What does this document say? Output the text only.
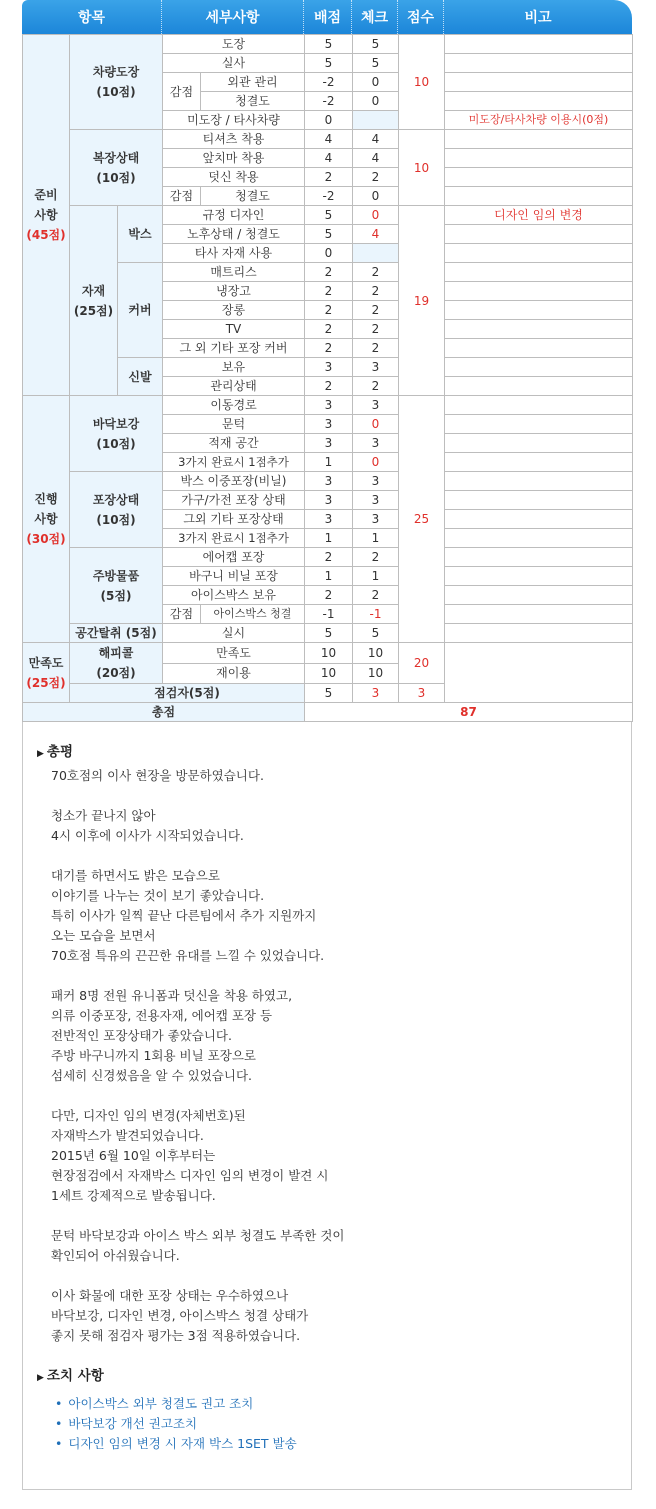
항목	세부사항	배점	체크	점수	비고
준비
사항
(45점)	차량도장
(10점)		도장		5	5	10	
			실사		5	5		
			감점	외관 관리	-2	0		
				청결도	-2	0		
			미도장 / 타사차량		0			미도장/타사차량 이용시(0점)

	복장상태
(10점)		티셔츠 착용		4	4	10	
			앞치마 착용		4	4		
			덧신 착용		2	2		
			감점	청결도	-2	0		

	자재
(25점)	박스	규정 디자인		5	0	19	디자인 임의 변경
			노후상태 / 청결도		5	4		
			타사 자재 사용		0			
		커버	매트리스		2	2		
			냉장고		2	2		
			장롱		2	2		
			TV		2	2		
			그 외 기타 포장 커버		2	2		
		신발	보유		3	3		
			관리상태		2	2		

진행
사항
(30점)	바닥보강
(10점)		이동경로		3	3	25	
			문턱		3	0		
			적재 공간		3	3		
			3가지 완료시 1점추가		1	0		

	포장상태
(10점)		박스 이중포장(비닐)		3	3		
			가구/가전 포장 상태		3	3		
			그외 기타 포장상태		3	3		
			3가지 완료시 1점추가		1	1		

	주방물품
(5점)		에어캡 포장		2	2		
			바구니 비닐 포장		1	1		
			아이스박스 보유		2	2		
			감점	아이스박스 청결	-1	-1		
	공간탈취 (5점)		실시		5	5		

만족도
(25점)	해피콜
(20점)		만족도		10	10	20	
			재이용		10	10		
	점검자(5점)				5	3	3	
총점					87			
▶ 총평
70호점의 이사 현장을 방문하였습니다.
청소가 끝나지 않아
4시 이후에 이사가 시작되었습니다.
대기를 하면서도 밝은 모습으로
이야기를 나누는 것이 보기 좋았습니다.
특히 이사가 일찍 끝난 다른팀에서 추가 지원까지
오는 모습을 보면서
70호점 특유의 끈끈한 유대를 느낄 수 있었습니다.
패커 8명 전원 유니폼과 덧신을 착용 하였고,
의류 이중포장, 전용자재, 에어캡 포장 등
전반적인 포장상태가 좋았습니다.
주방 바구니까지 1회용 비닐 포장으로
섬세히 신경썼음을 알 수 있었습니다.
다만, 디자인 임의 변경(자체번호)된
자재박스가 발견되었습니다.
2015년 6월 10일 이후부터는
현장점검에서 자재박스 디자인 임의 변경이 발견 시
1세트 강제적으로 발송됩니다.
문턱 바닥보강과 아이스 박스 외부 청결도 부족한 것이
확인되어 아쉬웠습니다.
이사 화물에 대한 포장 상태는 우수하였으나
바닥보강, 디자인 변경, 아이스박스 청결 상태가
좋지 못해 점검자 평가는 3점 적용하였습니다.
▶ 조치 사항
• 아이스박스 외부 청결도 권고 조치
• 바닥보강 개선 권고조치
• 디자인 임의 변경 시 자재 박스 1SET 발송
